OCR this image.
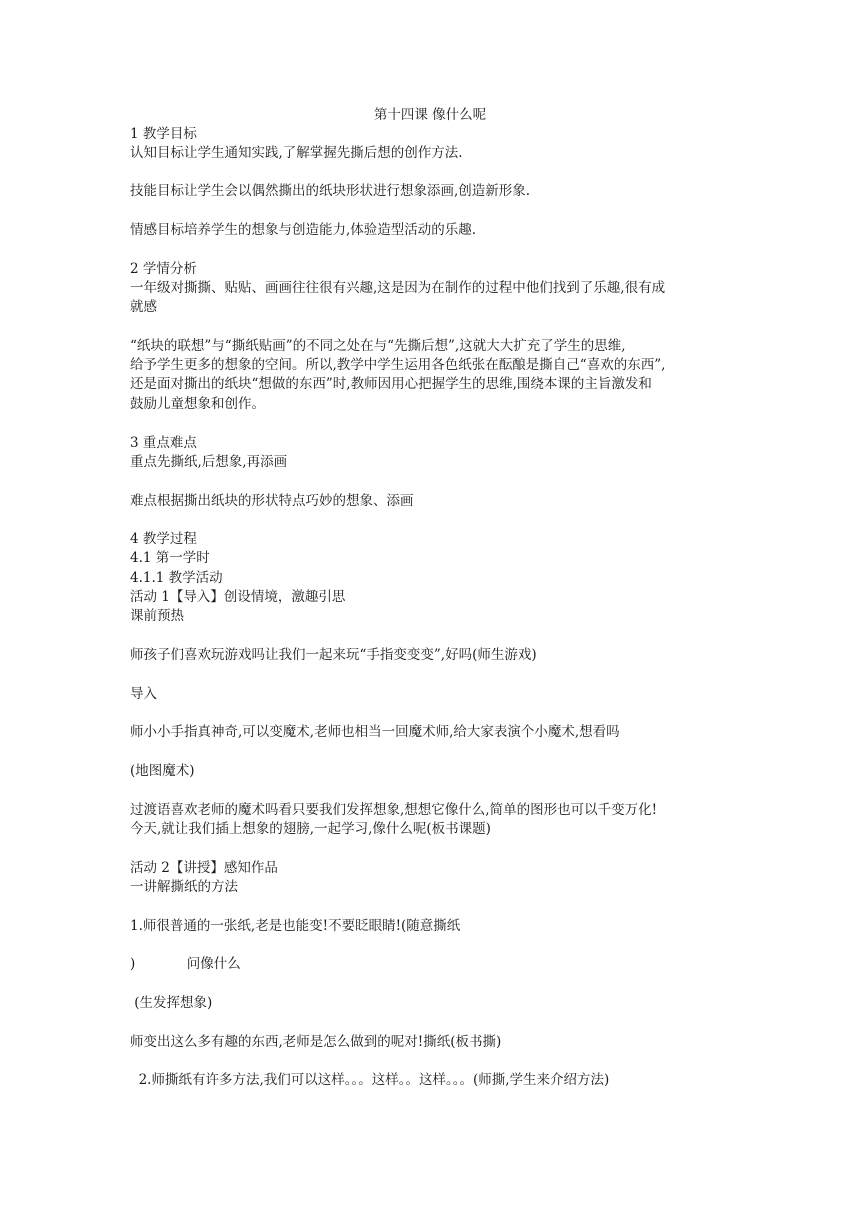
第十四课 像什么呢
1 教学目标
认知目标让学生通知实践,了解掌握先撕后想的创作方法.
技能目标让学生会以偶然撕出的纸块形状进行想象添画,创造新形象.
情感目标培养学生的想象与创造能力,体验造型活动的乐趣.
2 学情分析
一年级对撕撕、贴贴、画画往往很有兴趣,这是因为在制作的过程中他们找到了乐趣,很有成
就感
“纸块的联想”与“撕纸贴画”的不同之处在与“先撕后想”,这就大大扩充了学生的思维,
给予学生更多的想象的空间。所以,教学中学生运用各色纸张在酝酿是撕自己“喜欢的东西”,
还是面对撕出的纸块“想做的东西”时,教师因用心把握学生的思维,围绕本课的主旨激发和
鼓励儿童想象和创作。
3 重点难点
重点先撕纸,后想象,再添画
难点根据撕出纸块的形状特点巧妙的想象、添画
4 教学过程
4.1 第一学时
4.1.1 教学活动
活动 1【导入】创设情境，激趣引思
课前预热
师孩子们喜欢玩游戏吗让我们一起来玩“手指变变变”,好吗(师生游戏)
导入
师小小手指真神奇,可以变魔术,老师也相当一回魔术师,给大家表演个小魔术,想看吗
(地图魔术)
过渡语喜欢老师的魔术吗看只要我们发挥想象,想想它像什么,简单的图形也可以千变万化!
今天,就让我们插上想象的翅膀,一起学习,像什么呢(板书课题)
活动 2【讲授】感知作品
一讲解撕纸的方法
1.师很普通的一张纸,老是也能变!不要眨眼睛!(随意撕纸
)            问像什么
(生发挥想象)
师变出这么多有趣的东西,老师是怎么做到的呢对!撕纸(板书撕)
2.师撕纸有许多方法,我们可以这样。。。这样。。这样。。。(师撕,学生来介绍方法)
